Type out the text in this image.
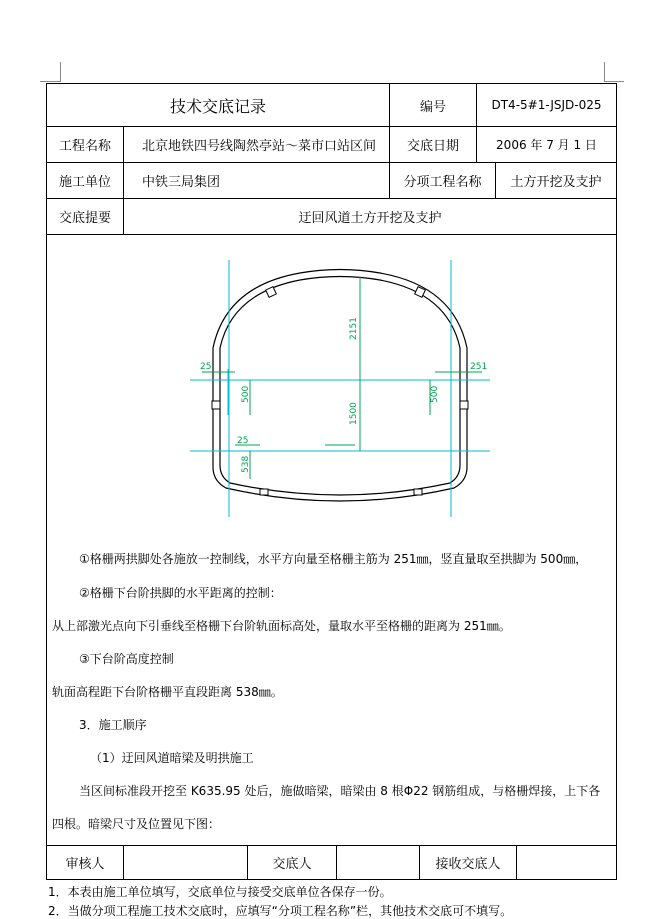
技术交底记录	编号	DT4-5#1-JSJD-025
工程名称	北京地铁四号线陶然亭站～菜市口站区间	交底日期	2006 年 7 月 1 日
施工单位	中铁三局集团	分项工程名称	土方开挖及支护
交底提要	迂回风道土方开挖及支护
2151
1500
25
500
25
538
251
500
①格栅两拱脚处各施放一控制线，水平方向量至格栅主筋为 251㎜，竖直量取至拱脚为 500㎜，
②格栅下台阶拱脚的水平距离的控制：
从上部激光点向下引垂线至格栅下台阶轨面标高处，量取水平至格栅的距离为 251㎜。
③下台阶高度控制
轨面高程距下台阶格栅平直段距离 538㎜。
3．施工顺序
（1）迂回风道暗梁及明拱施工
当区间标准段开挖至 K635.95 处后，施做暗梁，暗梁由 8 根Φ22 钢筋组成，与格栅焊接，上下各
四根。暗梁尺寸及位置见下图：
审核人	交底人	接收交底人
1．本表由施工单位填写，交底单位与接受交底单位各保存一份。
2．当做分项工程施工技术交底时，应填写“分项工程名称”栏，其他技术交底可不填写。
